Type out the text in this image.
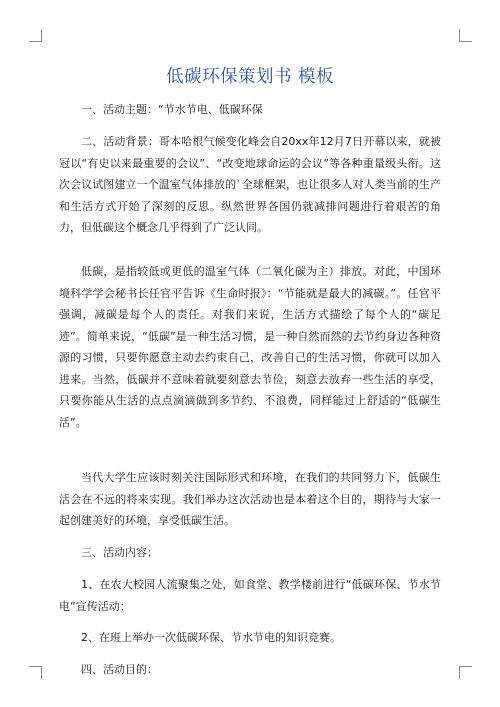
低碳环保策划书 模板

一、活动主题：“节水节电、低碳环保

二、活动背景：哥本哈根气候变化峰会自20xx年12月7日开幕以来，就被冠以“有史以来最重要的会议”、“改变地球命运的会议”等各种重量级头衔。这次会议试图建立一个温室气体排放的`全球框架，也让很多人对人类当前的生产和生活方式开始了深刻的反思。纵然世界各国仍就减排问题进行着艰苦的角力，但低碳这个概念几乎得到了广泛认同。

低碳，是指较低或更低的温室气体（二氧化碳为主）排放。对此，中国环境科学学会秘书长任官平告诉《生命时报》：“节能就是最大的减碳。”。任官平强调，减碳是每个人的责任。对我们来说，生活方式描绘了每个人的“碳足迹”。简单来说，“低碳”是一种生活习惯，是一种自然而然的去节约身边各种资源的习惯，只要你愿意主动去约束自己，改善自己的生活习惯，你就可以加入进来。当然，低碳并不意味着就要刻意去节俭，刻意去放弃一些生活的享受，只要你能从生活的点点滴滴做到多节约、不浪费，同样能过上舒适的“低碳生活”。

当代大学生应该时刻关注国际形式和环境，在我们的共同努力下，低碳生活会在不远的将来实现。我们举办这次活动也是本着这个目的，期待与大家一起创建美好的环境，享受低碳生活。

三、活动内容：

1、在农大校园人流聚集之处，如食堂、教学楼前进行“低碳环保、节水节电”宣传活动；

2、在班上举办一次低碳环保、节水节电的知识竞赛。

四、活动目的：
